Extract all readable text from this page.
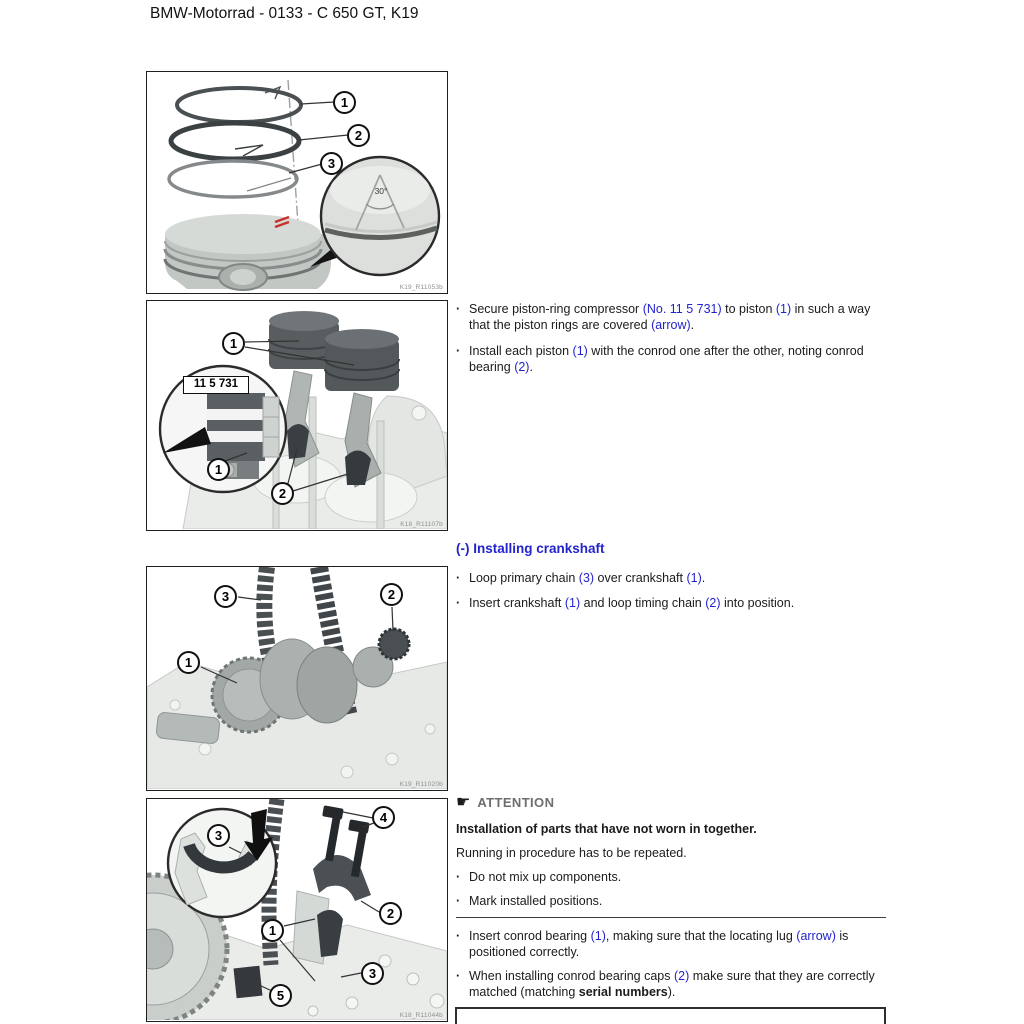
BMW-Motorrad - 0133 - C 650 GT, K19
1
2
3
30°
K19_R11053b
11 5 731
1
1
2
K18_R11107b
3	2
1
K19_R11020b
3
4
2
1
3
5
K18_R11044b
· Secure piston-ring compressor (No. 11 5 731) to piston (1) in such a way that the piston rings are covered (arrow).
· Install each piston (1) with the conrod one after the other, noting conrod bearing (2).
(-) Installing crankshaft
· Loop primary chain (3) over crankshaft (1).
· Insert crankshaft (1) and loop timing chain (2) into position.
☛ ATTENTION
Installation of parts that have not worn in together.
Running in procedure has to be repeated.
· Do not mix up components.
· Mark installed positions.
· Insert conrod bearing (1), making sure that the locating lug (arrow) is positioned correctly.
· When installing conrod bearing caps (2) make sure that they are correctly matched (matching serial numbers).
